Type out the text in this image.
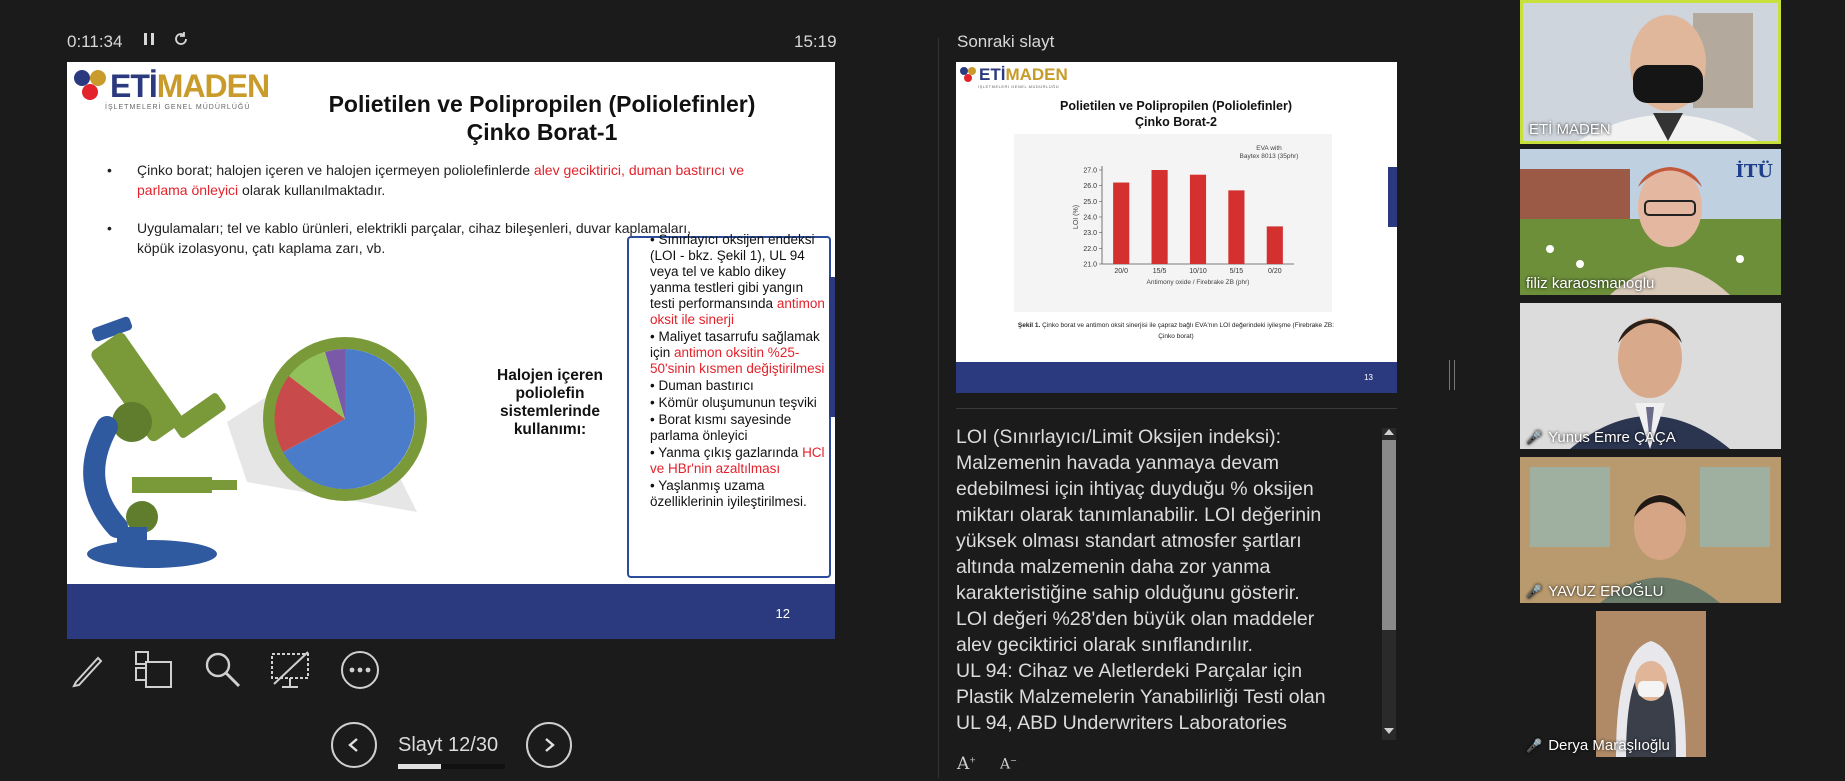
0:11:34	15:19	Sonraki slayt
ETİMADEN
İŞLETMELERİ GENEL MÜDÜRLÜĞÜ	Polietilen ve Polipropilen (Poliolefinler)
Çinko Borat-1
•	Çinko borat; halojen içeren ve halojen içermeyen poliolefinlerde alev geciktirici, duman bastırıcı ve parlama önleyici olarak kullanılmaktadır.
•	Uygulamaları; tel ve kablo ürünleri, elektrikli parçalar, cihaz bileşenleri, duvar kaplamaları,
köpük izolasyonu, çatı kaplama zarı, vb.
Halojen içeren poliolefin sistemlerinde kullanımı:
• Sınırlayıcı oksijen endeksi (LOI - bkz. Şekil 1), UL 94 veya tel ve kablo dikey yanma testleri gibi yangın testi performansında antimon oksit ile sinerji
• Maliyet tasarrufu sağlamak için antimon oksitin %25-50'sinin kısmen değiştirilmesi
• Duman bastırıcı
• Kömür oluşumunun teşviki
• Borat kısmı sayesinde parlama önleyici
• Yanma çıkış gazlarında HCl ve HBr'nin azaltılması
• Yaşlanmış uzama özelliklerinin iyileştirilmesi.
12
ETİMADEN
İŞLETMELERİ GENEL MÜDÜRLÜĞÜ
Polietilen ve Polipropilen (Poliolefinler)
Çinko Borat-2
21.0
22.0
23.0
24.0
25.0
26.0
27.0
20/0	15/5	10/10	5/15	0/20
Antimony oxide / Firebrake ZB (phr)
LOI (%)
EVA with Baytex 8013 (35phr)
Şekil 1. Çinko borat ve antimon oksit sinerjisi ile çapraz bağlı EVA'nın LOI değerindeki iyileşme (Firebrake ZB: Çinko borat)
13
LOI (Sınırlayıcı/Limit Oksijen indeksi):
Malzemenin havada yanmaya devam
edebilmesi için ihtiyaç duyduğu % oksijen
miktarı olarak tanımlanabilir. LOI değerinin
yüksek olması standart atmosfer şartları
altında malzemenin daha zor yanma
karakteristiğine sahip olduğunu gösterir.
LOI değeri %28'den büyük olan maddeler
alev geciktirici olarak sınıflandırılır.
UL 94: Cihaz ve Aletlerdeki Parçalar için
Plastik Malzemelerin Yanabilirliği Testi olan
UL 94, ABD Underwriters Laboratories
A+ A−
Slayt 12/30
ETİ MADEN
İTÜ
filiz karaosmanoglu
🎤 Yunus Emre ÇAÇA
🎤 YAVUZ EROĞLU
🎤 Derya Maraşlıoğlu
